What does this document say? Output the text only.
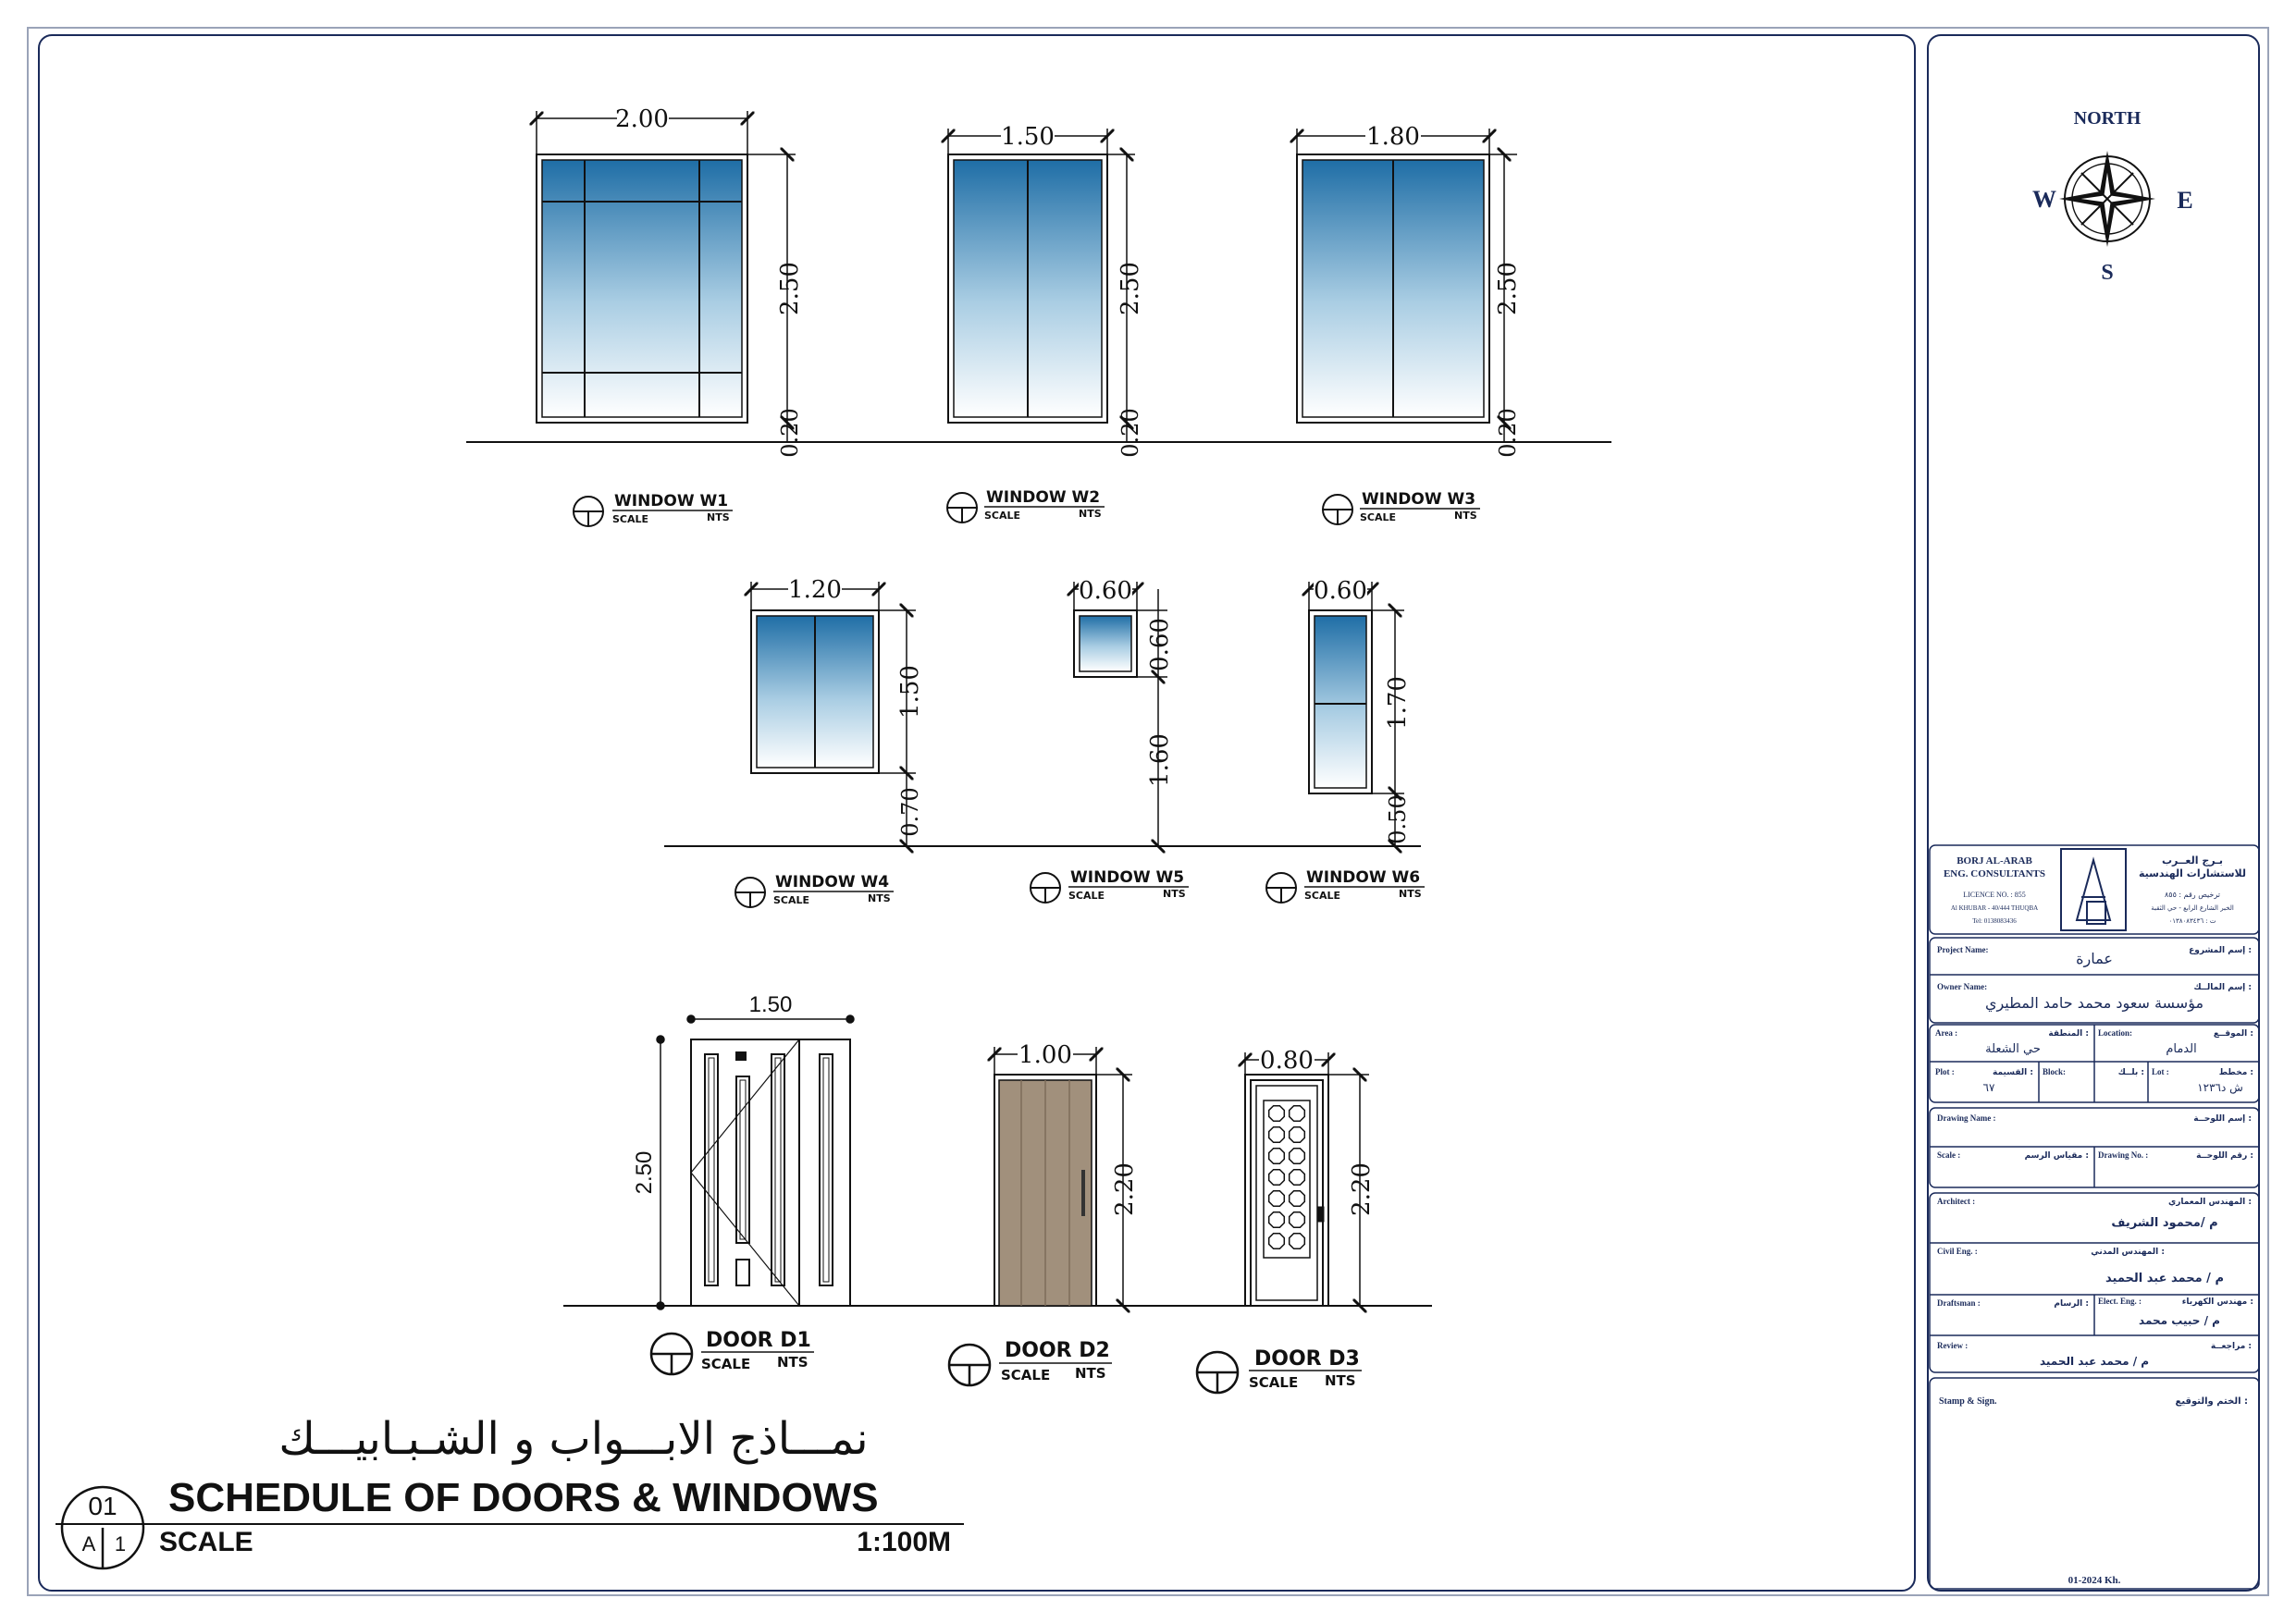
NORTH
W	E
S
BORJ AL-ARAB
ENG. CONSULTANTS
LICENCE NO. : 855
Al KHUBAR - 40/444 THUQBA
Tel: 0138083436
بـرج العــرب
للاستشارات الهندسية
ترخيص رقم : ٨٥٥
الخبر الشارع الرابع - حي الثقبة
ت : ٠١٣٨٠٨٣٤٣٦
Project Name:	إسم المشروع :
عمارة
Owner Name:	إسم المالــك :
مؤسسة سعود محمد حامد المطيري
Area :	المنطقة :
حي الشعلة
Location:	الموقــع :
الدمام
Plot :	القسيمة :
٦٧
Block:	بلــك : Lot :	مخطط :
ش د١٢٣٦
Drawing Name :	إسم اللوحــة :
Scale :	مقياس الرسم : Drawing No. :	رقم اللوحــة :
Architect :	المهندس المعماري :
م /محمود الشريف
Civil Eng. :	المهندس المدني :
م / محمد عبد الحميد
Draftsman :	الرسام : Elect. Eng. :	مهندس الكهرباء :
م / حبيب محمد
Review :	مراجعــة :
م / محمد عبد الحميد
Stamp & Sign.	الختم والتوقيع :
01-2024 Kh.
2.00
2.50
0.20
WINDOW W1
SCALE	NTS
1.50
2.50
0.20
WINDOW W2
SCALE	NTS
1.80
2.50
0.20
WINDOW W3
SCALE	NTS
1.20
1.50
0.70
WINDOW W4
SCALE	NTS
0.60
0.60
1.60
WINDOW W5
SCALE	NTS
0.60
1.70
0.50
WINDOW W6
SCALE	NTS
1.50
2.50
DOOR D1
SCALE NTS
1.00
2.20
DOOR D2
SCALE NTS
0.80
2.20
DOOR D3
SCALE NTS
نمـــاذج الابـــواب و الشـبـابيـــك
SCHEDULE OF DOORS & WINDOWS
01
A 1 SCALE	1:100M
